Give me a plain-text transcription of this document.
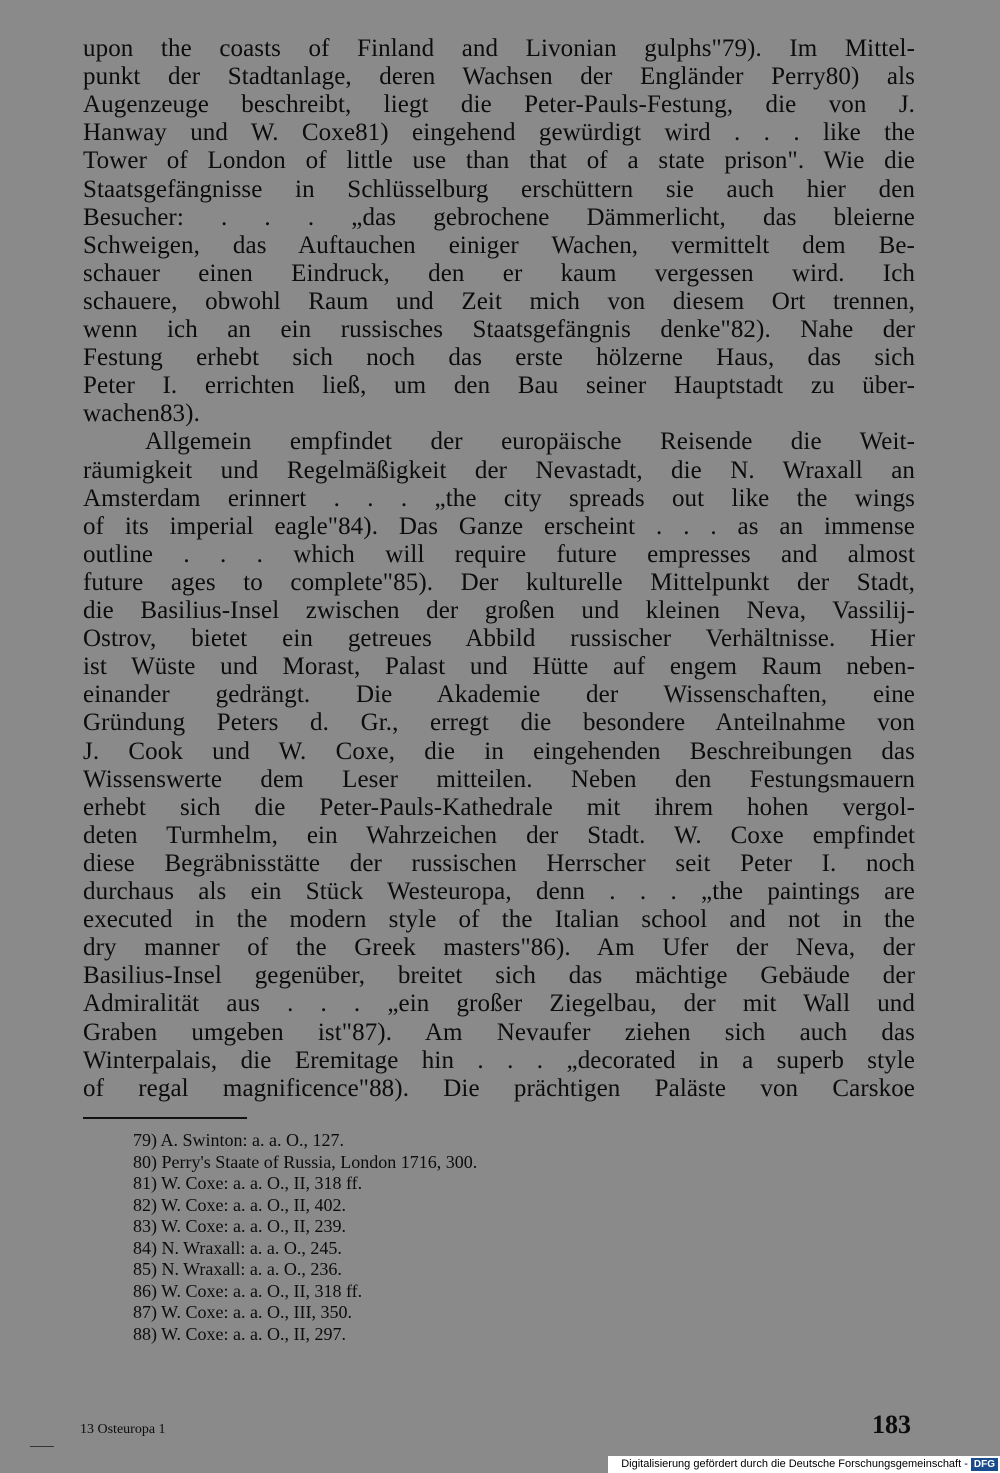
upon the coasts of Finland and Livonian gulphs"79). Im Mittel-
punkt der Stadtanlage, deren Wachsen der Engländer Perry80) als
Augenzeuge beschreibt, liegt die Peter-Pauls-Festung, die von J.
Hanway und W. Coxe81) eingehend gewürdigt wird . . . like the
Tower of London of little use than that of a state prison". Wie die
Staatsgefängnisse in Schlüsselburg erschüttern sie auch hier den
Besucher: . . . „das gebrochene Dämmerlicht, das bleierne
Schweigen, das Auftauchen einiger Wachen, vermittelt dem Be-
schauer einen Eindruck, den er kaum vergessen wird. Ich
schauere, obwohl Raum und Zeit mich von diesem Ort trennen,
wenn ich an ein russisches Staatsgefängnis denke"82). Nahe der
Festung erhebt sich noch das erste hölzerne Haus, das sich
Peter I. errichten ließ, um den Bau seiner Hauptstadt zu über-
wachen83).
Allgemein empfindet der europäische Reisende die Weit-
räumigkeit und Regelmäßigkeit der Nevastadt, die N. Wraxall an
Amsterdam erinnert . . . „the city spreads out like the wings
of its imperial eagle"84). Das Ganze erscheint . . . as an immense
outline . . . which will require future empresses and almost
future ages to complete"85). Der kulturelle Mittelpunkt der Stadt,
die Basilius-Insel zwischen der großen und kleinen Neva, Vassilij-
Ostrov, bietet ein getreues Abbild russischer Verhältnisse. Hier
ist Wüste und Morast, Palast und Hütte auf engem Raum neben-
einander gedrängt. Die Akademie der Wissenschaften, eine
Gründung Peters d. Gr., erregt die besondere Anteilnahme von
J. Cook und W. Coxe, die in eingehenden Beschreibungen das
Wissenswerte dem Leser mitteilen. Neben den Festungsmauern
erhebt sich die Peter-Pauls-Kathedrale mit ihrem hohen vergol-
deten Turmhelm, ein Wahrzeichen der Stadt. W. Coxe empfindet
diese Begräbnisstätte der russischen Herrscher seit Peter I. noch
durchaus als ein Stück Westeuropa, denn . . . „the paintings are
executed in the modern style of the Italian school and not in the
dry manner of the Greek masters"86). Am Ufer der Neva, der
Basilius-Insel gegenüber, breitet sich das mächtige Gebäude der
Admiralität aus . . . „ein großer Ziegelbau, der mit Wall und
Graben umgeben ist"87). Am Nevaufer ziehen sich auch das
Winterpalais, die Eremitage hin . . . „decorated in a superb style
of regal magnificence"88). Die prächtigen Paläste von Carskoe
79) A. Swinton: a. a. O., 127.
80) Perry's Staate of Russia, London 1716, 300.
81) W. Coxe: a. a. O., II, 318 ff.
82) W. Coxe: a. a. O., II, 402.
83) W. Coxe: a. a. O., II, 239.
84) N. Wraxall: a. a. O., 245.
85) N. Wraxall: a. a. O., 236.
86) W. Coxe: a. a. O., II, 318 ff.
87) W. Coxe: a. a. O., III, 350.
88) W. Coxe: a. a. O., II, 297.
183
13 Osteuropa 1
Digitalisierung gefördert durch die Deutsche Forschungsgemeinschaft - DFG
